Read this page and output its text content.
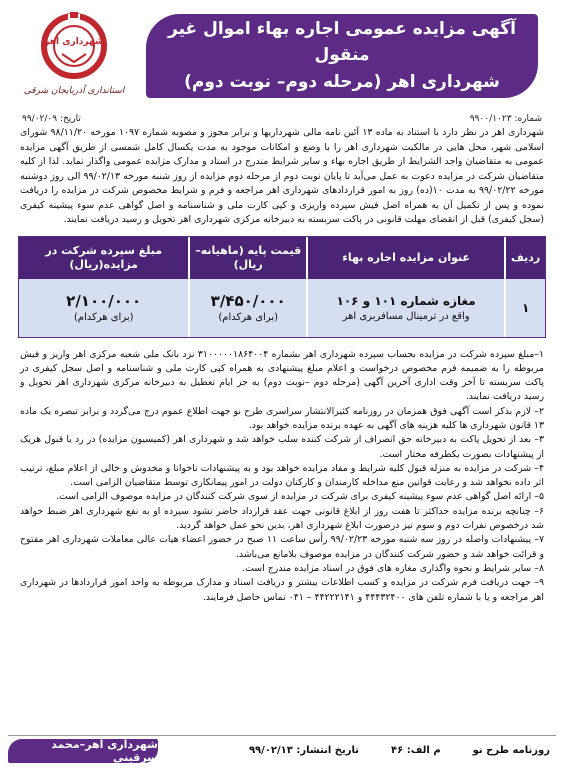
آگهی مزایده عمومی اجاره بهاء اموال غیر منقول
شهرداری اهر (مرحله دوم– نوبت دوم)
شهرداری اهر
استانداری آذربایجان شرقی
شماره: ۹۹۰۰/۱۰۲۳
تاریخ: ۹۹/۰۲/۰۹

شهرداری اهر در نظر دارد با استناد به ماده ۱۳ آئین نامه مالی شهرداریها و برابر مجوز و مصوبه شماره ۱۰۹۷ مورخه ۹۸/۱۱/۲۰ شورای اسلامی شهر، محل هایی در مالکیت شهرداری اهر را با وضع و امکانات موجود به مدت یکسال کامل شمسی از طریق آگهی مزایده عمومی به متقاضیان واجد الشرایط از طریق اجاره بهاء و سایر شرایط مندرج در اسناد و مدارک مزایده عمومی واگذار نماید. لذا از کلیه متقاضیان شرکت در مزایده دعوت به عمل می‌آید تا پایان نوبت دوم از مرحله دوم مزایده از روز شنبه مورخه ۹۹/۰۲/۱۳ الی روز دوشنبه مورخه ۹۹/۰۲/۲۲ به مدت ۱۰(ده) روز به امور قراردادهای شهرداری اهر مراجعه و فرم و شرایط مخصوص شرکت در مزایده را دریافت نموده و پس از تکمیل آن به همراه اصل فیش سپرده واریزی و کپی کارت ملی و شناسنامه و اصل گواهی عدم سوء پیشینه کیفری (سجل کیفری) قبل از انقضای مهلت قانونی در پاکت سربسته به دبیرخانه مرکزی شهرداری اهر تحویل و رسید دریافت نمایند.

ردیف
عنوان مزایده اجاره بهاء
قیمت پایه (ماهیانه–ریال)
مبلغ سپرده شرکت در مزایده(ریال)
۱
مغازه شماره ۱۰۱ و ۱۰۶
واقع در ترمینال مسافربری اهر
۳/۴۵۰/۰۰۰
(برای هرکدام)
۲/۱۰۰/۰۰۰
(برای هرکدام)

۱–مبلغ سپرده شرکت در مزایده بحساب سپرده شهرداری اهر بشماره ۳۱۰۰۰۰۰۱۸۶۴۰۰۴ نزد بانک ملی شعبه مرکزی اهر واریز و فیش مربوطه را به ضمیمه فرم مخصوص درخواست و اعلام مبلغ پیشنهادی به همراه کپی کارت ملی و شناسنامه و اصل سجل کیفری در پاکت سربسته تا آخر وقت اداری آخرین آگهی (مرحله دوم –نوبت دوم) به جز ایام تعطیل به دبیرخانه مرکزی شهرداری اهر تحویل و رسید دریافت نمایند.

۲– لازم بذکر است آگهی فوق همزمان در روزنامه کثیرالانتشار سراسری طرح نو جهت اطلاع عموم درج می‌گردد و برابر تبصره یک ماده ۱۳ قانون شهرداری ها کلیه هزینه های آگهی به عهده برنده مزایده خواهد بود.

۳– بعد از تحویل پاکت به دبیرخانه حق انصراف از شرکت کننده سلب خواهد شد و شهرداری اهر (کمیسیون مزایده) در رد یا قبول هریک از پیشنهادات بصورت یکطرفه مختار است.

۴– شرکت در مزایده به منزله قبول کلیه شرایط و مفاد مزایده خواهد بود و به پیشنهادات ناخوانا و مخدوش و خالی از اعلام مبلغ، ترتیب اثر داده نخواهد شد و رعایت قوانین منع مداخله کارمندان و کارکنان دولت در امور پیمانکاری توسط متقاضیان الزامی است.

۵– ارائه اصل گواهی عدم سوء پیشینه کیفری برای شرکت در مزایده از سوی شرکت کنندگان در مزایده موصوف الزامی است.

۶– چنانچه برنده مزایده حداکثر تا هفت روز از ابلاغ قانونی جهت عقد قرارداد حاضر نشود سپرده او به نفع شهرداری اهر ضبط خواهد شد درخصوص نفرات دوم و سوم نیز درصورت ابلاغ شهرداری اهر، بدین نحو عمل خواهد گردید.

۷– پیشنهادات واصله در روز سه شنبه مورخه ۹۹/۰۲/۲۳ رأس ساعت ۱۱ صبح در حضور اعضاء هیات عالی معاملات شهرداری اهر مفتوح و قرائت خواهد شد و حضور شرکت کنندگان در مزایده موصوف بلامانع می‌باشد.

۸– سایر شرایط و نحوه واگذاری مغازه های فوق در اسناد مزایده مندرج است.

۹– جهت دریافت فرم شرکت در مزایده و کسب اطلاعات بیشتر و دریافت اسناد و مدارک مربوطه به واحد امور قراردادها در شهرداری اهر مراجعه و یا با شماره تلفن های ۴۴۴۳۲۴۰۰ و ۴۴۲۲۲۱۴۱ – ۰۴۱ تماس حاصل فرمایند.

روزنامه طرح نو
م الف: ۴۶
تاریخ انتشار: ۹۹/۰۲/۱۳
شهرداری اهر–محمد سرقینی
